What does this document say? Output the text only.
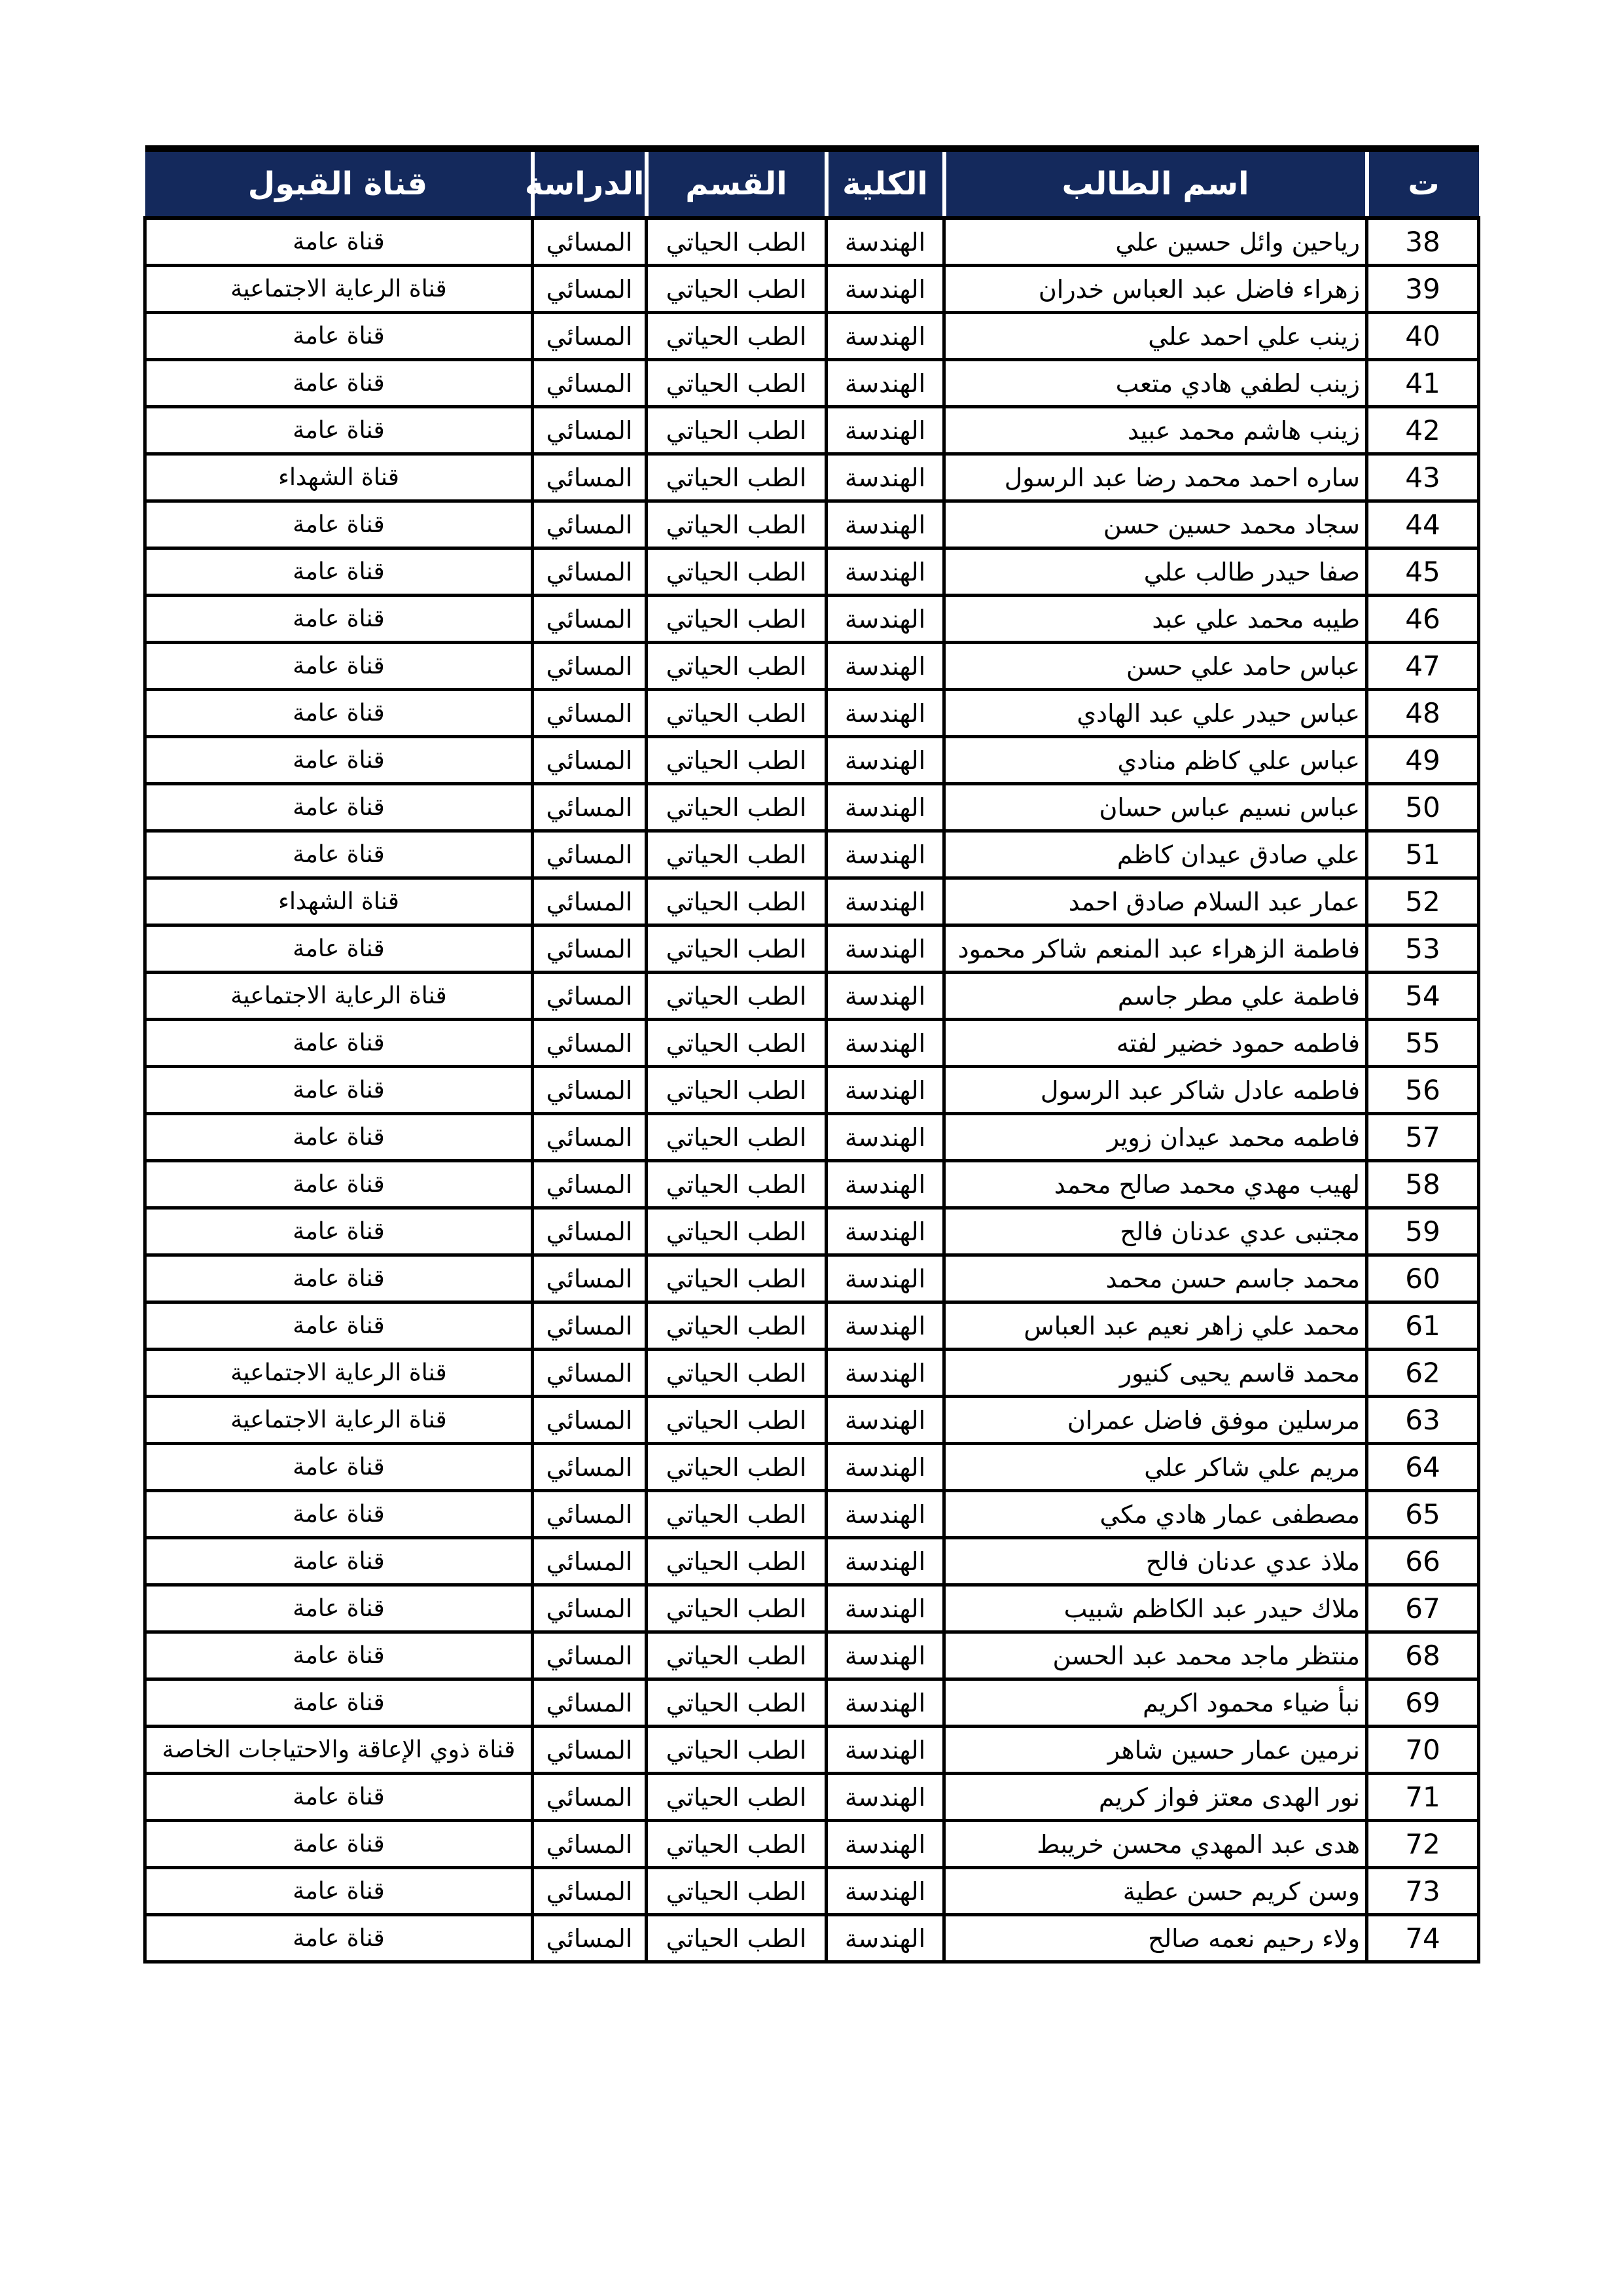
ت	اسم الطالب	الكلية	القسم	الدراسة	قناة القبول
38	رياحين وائل حسين علي	الهندسة	الطب الحياتي	المسائي	قناة عامة
39	زهراء فاضل عبد العباس خدران	الهندسة	الطب الحياتي	المسائي	قناة الرعاية الاجتماعية
40	زينب علي احمد علي	الهندسة	الطب الحياتي	المسائي	قناة عامة
41	زينب لطفي هادي متعب	الهندسة	الطب الحياتي	المسائي	قناة عامة
42	زينب هاشم محمد عبيد	الهندسة	الطب الحياتي	المسائي	قناة عامة
43	ساره احمد محمد رضا عبد الرسول	الهندسة	الطب الحياتي	المسائي	قناة الشهداء
44	سجاد محمد حسين حسن	الهندسة	الطب الحياتي	المسائي	قناة عامة
45	صفا حيدر طالب علي	الهندسة	الطب الحياتي	المسائي	قناة عامة
46	طيبه محمد علي عبد	الهندسة	الطب الحياتي	المسائي	قناة عامة
47	عباس حامد علي حسن	الهندسة	الطب الحياتي	المسائي	قناة عامة
48	عباس حيدر علي عبد الهادي	الهندسة	الطب الحياتي	المسائي	قناة عامة
49	عباس علي كاظم منادي	الهندسة	الطب الحياتي	المسائي	قناة عامة
50	عباس نسيم عباس حسان	الهندسة	الطب الحياتي	المسائي	قناة عامة
51	علي صادق عيدان كاظم	الهندسة	الطب الحياتي	المسائي	قناة عامة
52	عمار عبد السلام صادق احمد	الهندسة	الطب الحياتي	المسائي	قناة الشهداء
53	فاطمة الزهراء عبد المنعم شاكر محمود	الهندسة	الطب الحياتي	المسائي	قناة عامة
54	فاطمة علي مطر جاسم	الهندسة	الطب الحياتي	المسائي	قناة الرعاية الاجتماعية
55	فاطمه حمود خضير لفته	الهندسة	الطب الحياتي	المسائي	قناة عامة
56	فاطمه عادل شاكر عبد الرسول	الهندسة	الطب الحياتي	المسائي	قناة عامة
57	فاطمه محمد عيدان زوير	الهندسة	الطب الحياتي	المسائي	قناة عامة
58	لهيب مهدي محمد صالح محمد	الهندسة	الطب الحياتي	المسائي	قناة عامة
59	مجتبى عدي عدنان فالح	الهندسة	الطب الحياتي	المسائي	قناة عامة
60	محمد جاسم حسن محمد	الهندسة	الطب الحياتي	المسائي	قناة عامة
61	محمد علي زاهر نعيم عبد العباس	الهندسة	الطب الحياتي	المسائي	قناة عامة
62	محمد قاسم يحيى كنيور	الهندسة	الطب الحياتي	المسائي	قناة الرعاية الاجتماعية
63	مرسلين موفق فاضل عمران	الهندسة	الطب الحياتي	المسائي	قناة الرعاية الاجتماعية
64	مريم علي شاكر علي	الهندسة	الطب الحياتي	المسائي	قناة عامة
65	مصطفى عمار هادي مكي	الهندسة	الطب الحياتي	المسائي	قناة عامة
66	ملاذ عدي عدنان فالح	الهندسة	الطب الحياتي	المسائي	قناة عامة
67	ملاك حيدر عبد الكاظم شبيب	الهندسة	الطب الحياتي	المسائي	قناة عامة
68	منتظر ماجد محمد عبد الحسن	الهندسة	الطب الحياتي	المسائي	قناة عامة
69	نبأ ضياء محمود اكريم	الهندسة	الطب الحياتي	المسائي	قناة عامة
70	نرمين عمار حسين شاهر	الهندسة	الطب الحياتي	المسائي	قناة ذوي الإعاقة والاحتياجات الخاصة
71	نور الهدى معتز فواز كريم	الهندسة	الطب الحياتي	المسائي	قناة عامة
72	هدى عبد المهدي محسن خريبط	الهندسة	الطب الحياتي	المسائي	قناة عامة
73	وسن كريم حسن عطية	الهندسة	الطب الحياتي	المسائي	قناة عامة
74	ولاء رحيم نعمه صالح	الهندسة	الطب الحياتي	المسائي	قناة عامة
